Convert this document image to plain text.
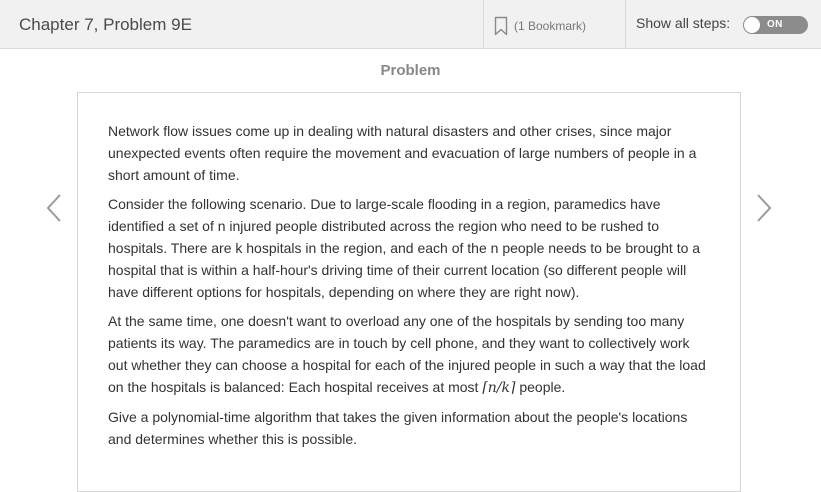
Chapter 7, Problem 9E	(1 Bookmark)	Show all steps:	ON
Problem

Network flow issues come up in dealing with natural disasters and other crises, since major unexpected events often require the movement and evacuation of large numbers of people in a short amount of time.

Consider the following scenario. Due to large-scale flooding in a region, paramedics have identified a set of n injured people distributed across the region who need to be rushed to hospitals. There are k hospitals in the region, and each of the n people needs to be brought to a hospital that is within a half-hour's driving time of their current location (so different people will have different options for hospitals, depending on where they are right now).

At the same time, one doesn't want to overload any one of the hospitals by sending too many patients its way. The paramedics are in touch by cell phone, and they want to collectively work out whether they can choose a hospital for each of the injured people in such a way that the load on the hospitals is balanced: Each hospital receives at most ⌈n/k⌉ people.

Give a polynomial-time algorithm that takes the given information about the people's locations and determines whether this is possible.
